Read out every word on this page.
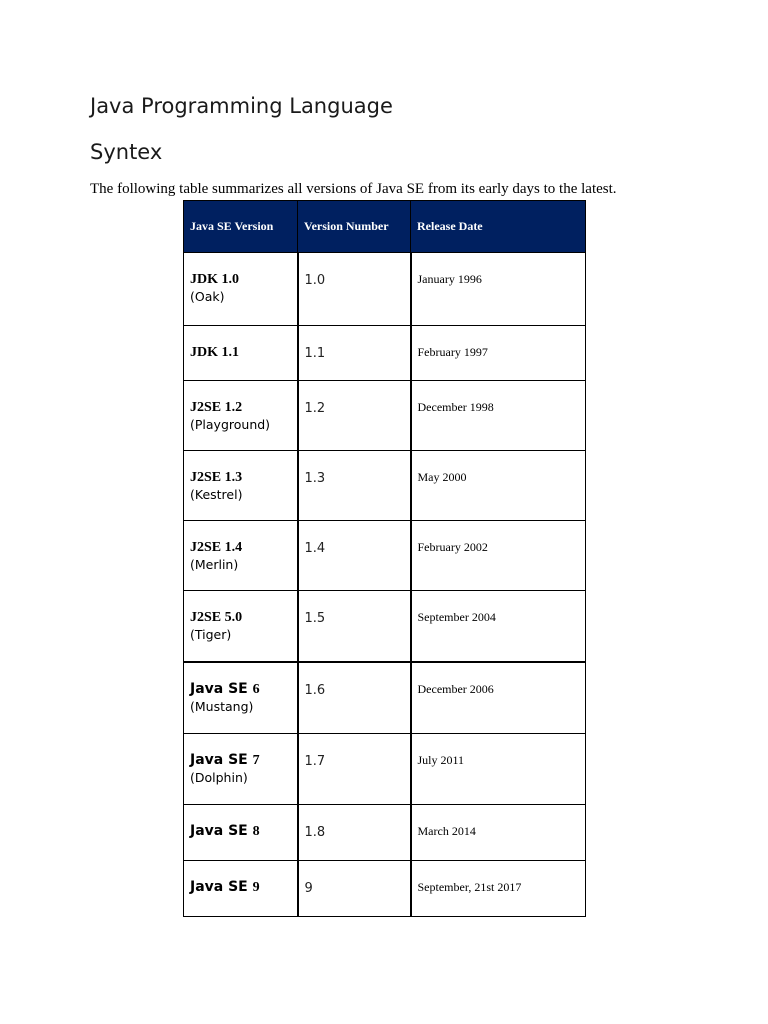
Java Programming Language
Syntex
The following table summarizes all versions of Java SE from its early days to the latest.
Java SE Version	Version Number	Release Date

JDK 1.0
(Oak)	1.0	January 1996

JDK 1.1	1.1	February 1997

J2SE 1.2
(Playground)	1.2	December 1998

J2SE 1.3
(Kestrel)	1.3	May 2000

J2SE 1.4
(Merlin)	1.4	February 2002

J2SE 5.0
(Tiger)	1.5	September 2004

Java SE 6
(Mustang)	1.6	December 2006

Java SE 7
(Dolphin)	1.7	July 2011

Java SE 8	1.8	March 2014

Java SE 9	9	September, 21st 2017
